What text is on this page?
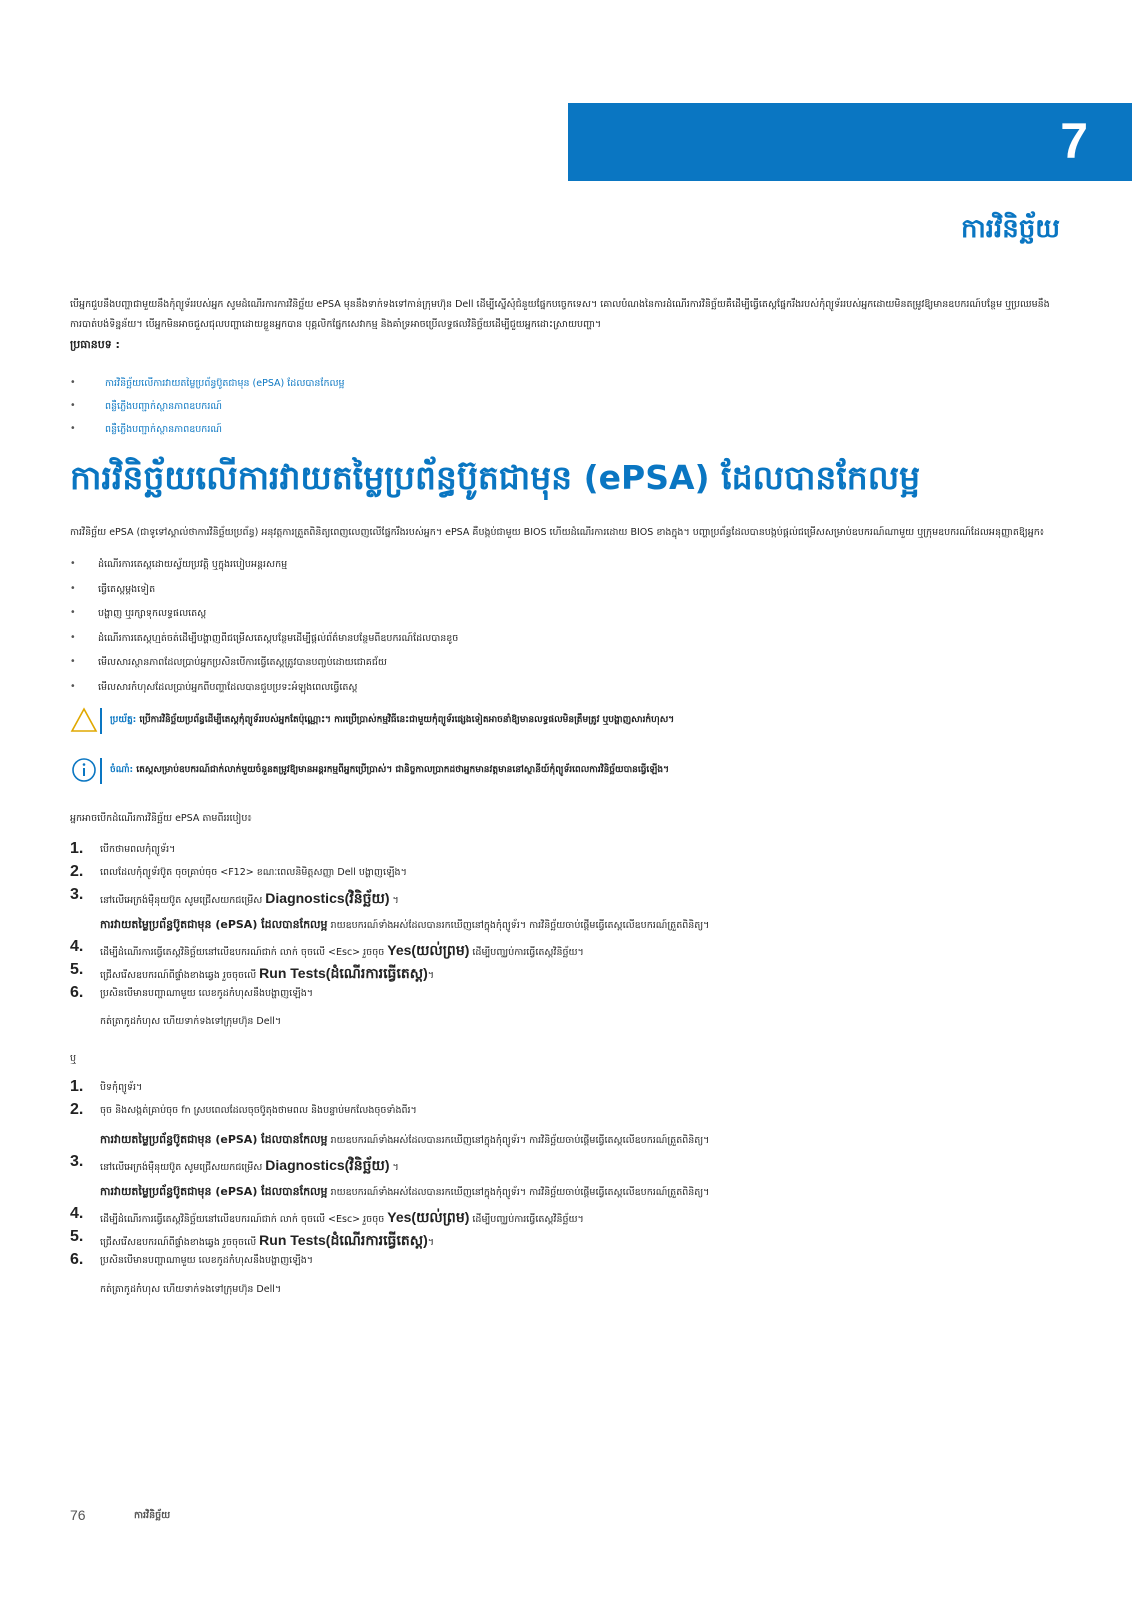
7
ការវិនិច្ឆ័យ
បើអ្នកជួបនឹងបញ្ហាជាមួយនឹងកុំព្យូទ័ររបស់អ្នក សូមដំណើរការការវិនិច្ឆ័យ ePSA មុននឹងទាក់ទងទៅកាន់ក្រុមហ៊ុន Dell ដើម្បីស្នើសុំជំនួយផ្នែកបច្ចេកទេស។ គោលបំណងនៃការដំណើរការវិនិច្ឆ័យគឺដើម្បីធ្វើតេស្តផ្នែករឹងរបស់កុំព្យូទ័ររបស់អ្នកដោយមិនតម្រូវឱ្យមានឧបករណ៍បន្ថែម ឬប្រឈមនឹងការបាត់បង់ទិន្នន័យ។ បើអ្នកមិនអាចជួសជុលបញ្ហាដោយខ្លួនអ្នកបាន បុគ្គលិកផ្នែកសេវាកម្ម និងគាំទ្រអាចប្រើលទ្ធផលវិនិច្ឆ័យដើម្បីជួយអ្នកដោះស្រាយបញ្ហា។
ប្រធានបទ :
•	ការវិនិច្ឆ័យលើការវាយតម្លៃប្រព័ន្ធប៊ូតជាមុន (ePSA) ដែលបានកែលម្អ
•	ពន្លឺភ្លើងបញ្ជាក់ស្ថានភាពឧបករណ៍
•	ពន្លឺភ្លើងបញ្ជាក់ស្ថានភាពឧបករណ៍
ការវិនិច្ឆ័យលើការវាយតម្លៃប្រព័ន្ធប៊ូតជាមុន (ePSA) ដែលបានកែលម្អ
ការវិនិច្ឆ័យ ePSA (ជាទូទៅស្គាល់ថាការវិនិច្ឆ័យប្រព័ន្ធ) អនុវត្តការត្រួតពិនិត្យពេញលេញលើផ្នែករឹងរបស់អ្នក។ ePSA គឺបង្កប់ជាមួយ BIOS ហើយដំណើរការដោយ BIOS ខាងក្នុង។ បញ្ហាប្រព័ន្ធដែលបានបង្កប់ផ្ដល់ជម្រើសសម្រាប់ឧបករណ៍ណាមួយ ឬក្រុមឧបករណ៍ដែលអនុញ្ញាតឱ្យអ្នក៖
• ដំណើរការតេស្តដោយស្វ័យប្រវត្តិ ឬក្នុងរបៀបអន្តរសកម្ម
• ធ្វើតេស្តម្ដងទៀត
• បង្ហាញ ឬរក្សាទុកលទ្ធផលតេស្ត
• ដំណើរការតេស្តហ្មត់ចត់ដើម្បីបង្ហាញពីជម្រើសតេស្តបន្ថែមដើម្បីផ្ដល់ព័ត៌មានបន្ថែមពីឧបករណ៍ដែលបានខូច
• មើលសារស្ថានភាពដែលប្រាប់អ្នកប្រសិនបើការធ្វើតេស្តត្រូវបានបញ្ចប់ដោយជោគជ័យ
• មើលសារកំហុសដែលប្រាប់អ្នកពីបញ្ហាដែលបានជួបប្រទះអំឡុងពេលធ្វើតេស្ត
ប្រយ័ត្ន: ប្រើការវិនិច្ឆ័យប្រព័ន្ធដើម្បីតេស្តកុំព្យូទ័ររបស់អ្នកតែប៉ុណ្ណោះ។ ការប្រើប្រាស់កម្មវិធីនេះជាមួយកុំព្យូទ័រផ្សេងទៀតអាចនាំឱ្យមានលទ្ធផលមិនត្រឹមត្រូវ ឬបង្ហាញសារកំហុស។
ចំណាំ: តេស្តសម្រាប់ឧបករណ៍ជាក់លាក់មួយចំនួនតម្រូវឱ្យមានអន្តរកម្មពីអ្នកប្រើប្រាស់។ ជានិច្ចកាលប្រាកដថាអ្នកមានវត្តមាននៅស្ថានីយ៍កុំព្យូទ័រពេលការវិនិច្ឆ័យបានធ្វើឡើង។
អ្នកអាចបើកដំណើរការវិនិច្ឆ័យ ePSA តាមពីររបៀប៖
1. បើកថាមពលកុំព្យូទ័រ។
2. ពេលដែលកុំព្យូទ័រប៊ូត ចុចគ្រាប់ចុច <F12> ខណៈពេលនិមិត្តសញ្ញា Dell បង្ហាញឡើង។
3. នៅលើអេក្រង់ម៉ឺនុយប៊ូត សូមជ្រើសយកជម្រើស Diagnostics(វិនិច្ឆ័យ) ។
ការវាយតម្លៃប្រព័ន្ធប៊ូតជាមុន (ePSA) ដែលបានកែលម្អ រាយឧបករណ៍ទាំងអស់ដែលបានរកឃើញនៅក្នុងកុំព្យូទ័រ។ ការវិនិច្ឆ័យចាប់ផ្ដើមធ្វើតេស្តលើឧបករណ៍ត្រួតពិនិត្យ។
4. ដើម្បីដំណើរការធ្វើតេស្តវិនិច្ឆ័យនៅលើឧបករណ៍ជាក់ លាក់ ចុចលើ <Esc> រួចចុច Yes(យល់ព្រម) ដើម្បីបញ្ឈប់ការធ្វើតេស្តវិនិច្ឆ័យ។
5. ជ្រើសរើសឧបករណ៍ពីផ្ទាំងខាងឆ្វេង រួចចុចលើ Run Tests(ដំណើរការធ្វើតេស្ត)។
6. ប្រសិនបើមានបញ្ហាណាមួយ លេខកូដកំហុសនឹងបង្ហាញឡើង។
កត់ត្រាកូដកំហុស ហើយទាក់ទងទៅក្រុមហ៊ុន Dell។
ឬ
1. បិទកុំព្យូទ័រ។
2. ចុច និងសង្កត់គ្រាប់ចុច fn ស្របពេលដែលចុចប៊ូតុងថាមពល និងបន្ទាប់មកលែងចុចទាំងពីរ។
ការវាយតម្លៃប្រព័ន្ធប៊ូតជាមុន (ePSA) ដែលបានកែលម្អ រាយឧបករណ៍ទាំងអស់ដែលបានរកឃើញនៅក្នុងកុំព្យូទ័រ។ ការវិនិច្ឆ័យចាប់ផ្ដើមធ្វើតេស្តលើឧបករណ៍ត្រួតពិនិត្យ។
3. នៅលើអេក្រង់ម៉ឺនុយប៊ូត សូមជ្រើសយកជម្រើស Diagnostics(វិនិច្ឆ័យ) ។
ការវាយតម្លៃប្រព័ន្ធប៊ូតជាមុន (ePSA) ដែលបានកែលម្អ រាយឧបករណ៍ទាំងអស់ដែលបានរកឃើញនៅក្នុងកុំព្យូទ័រ។ ការវិនិច្ឆ័យចាប់ផ្ដើមធ្វើតេស្តលើឧបករណ៍ត្រួតពិនិត្យ។
4. ដើម្បីដំណើរការធ្វើតេស្តវិនិច្ឆ័យនៅលើឧបករណ៍ជាក់ លាក់ ចុចលើ <Esc> រួចចុច Yes(យល់ព្រម) ដើម្បីបញ្ឈប់ការធ្វើតេស្តវិនិច្ឆ័យ។
5. ជ្រើសរើសឧបករណ៍ពីផ្ទាំងខាងឆ្វេង រួចចុចលើ Run Tests(ដំណើរការធ្វើតេស្ត)។
6. ប្រសិនបើមានបញ្ហាណាមួយ លេខកូដកំហុសនឹងបង្ហាញឡើង។
កត់ត្រាកូដកំហុស ហើយទាក់ទងទៅក្រុមហ៊ុន Dell។
76	ការវិនិច្ឆ័យ
